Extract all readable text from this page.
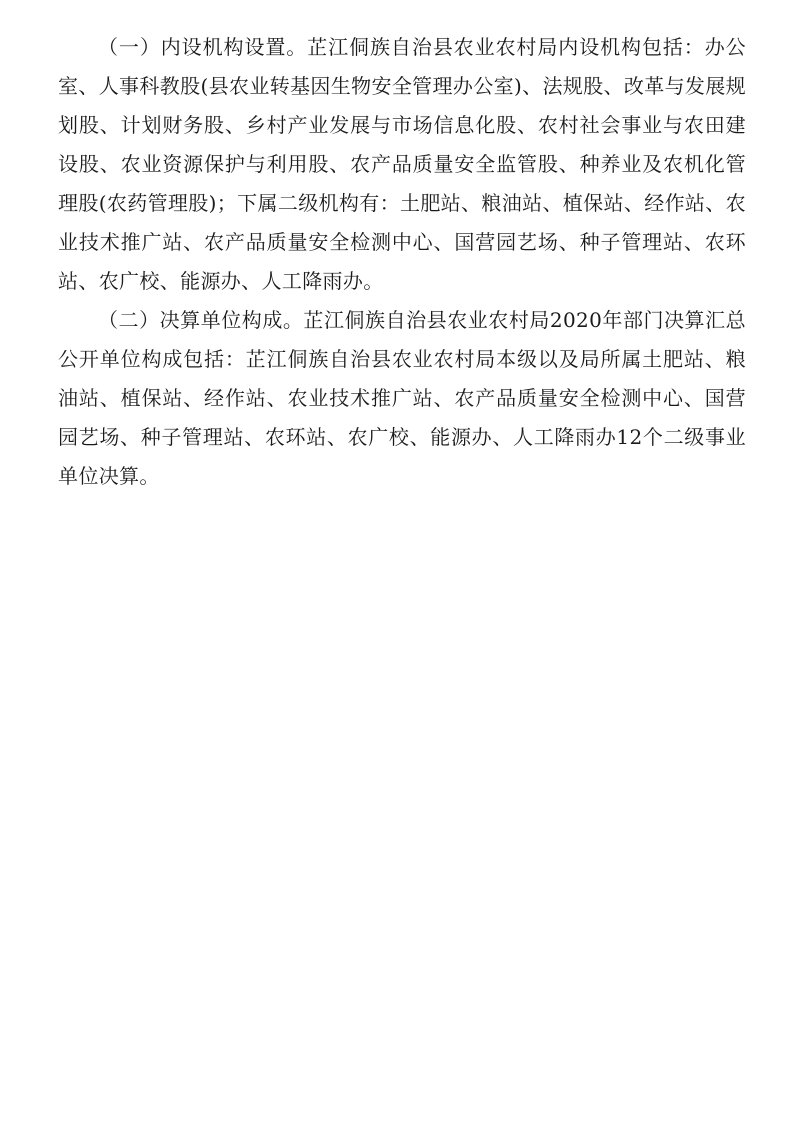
（一）内设机构设置。芷江侗族自治县农业农村局内设机构包括：办公室、人事科教股(县农业转基因生物安全管理办公室)、法规股、改革与发展规划股、计划财务股、乡村产业发展与市场信息化股、农村社会事业与农田建设股、农业资源保护与利用股、农产品质量安全监管股、种养业及农机化管理股(农药管理股)；下属二级机构有：土肥站、粮油站、植保站、经作站、农业技术推广站、农产品质量安全检测中心、国营园艺场、种子管理站、农环站、农广校、能源办、人工降雨办。

（二）决算单位构成。芷江侗族自治县农业农村局2020年部门决算汇总公开单位构成包括：芷江侗族自治县农业农村局本级以及局所属土肥站、粮油站、植保站、经作站、农业技术推广站、农产品质量安全检测中心、国营园艺场、种子管理站、农环站、农广校、能源办、人工降雨办12个二级事业单位决算。
